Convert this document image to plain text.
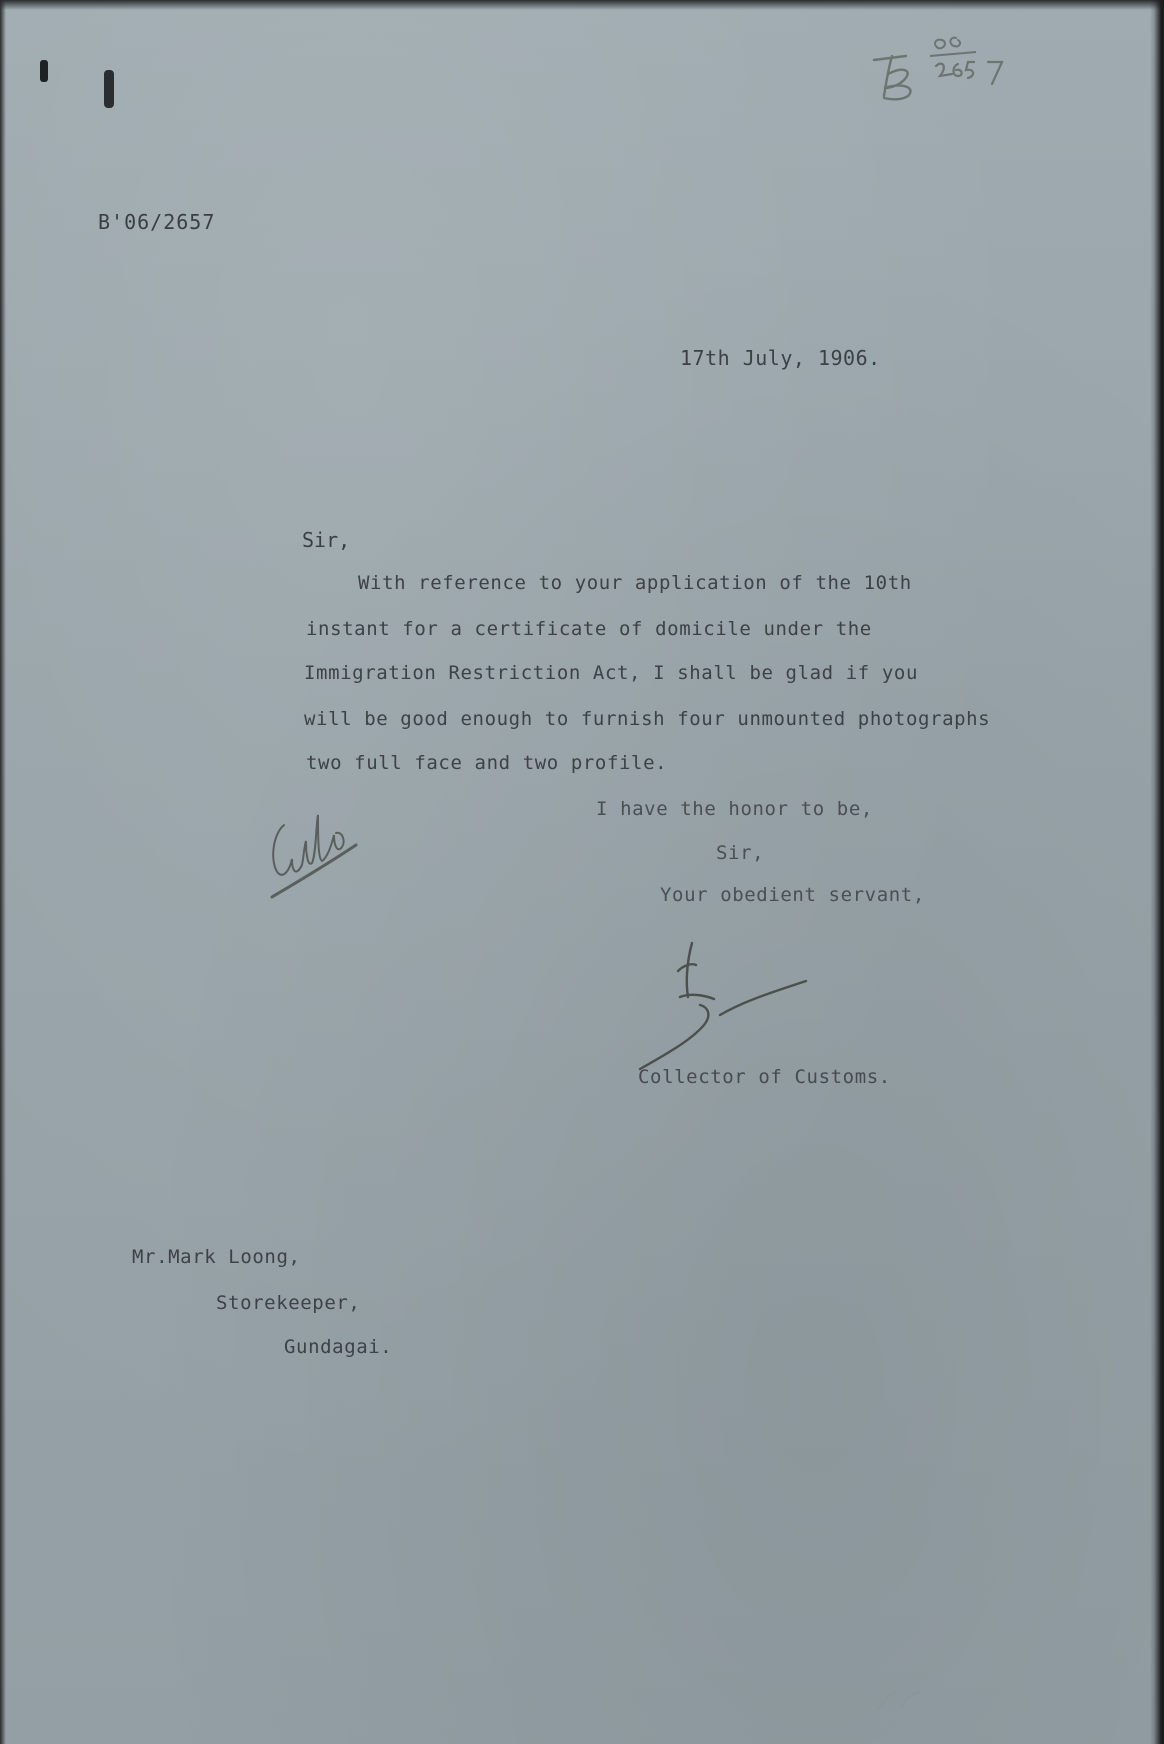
B'06/2657
17th July, 1906.
Sir,
With reference to your application of the 10th
instant for a certificate of domicile under the
Immigration Restriction Act, I shall be glad if you
will be good enough to furnish four unmounted photographs
two full face and two profile.
I have the honor to be,
Sir,
Your obedient servant,
Collector of Customs.
Mr.Mark Loong,
Storekeeper,
Gundagai.
